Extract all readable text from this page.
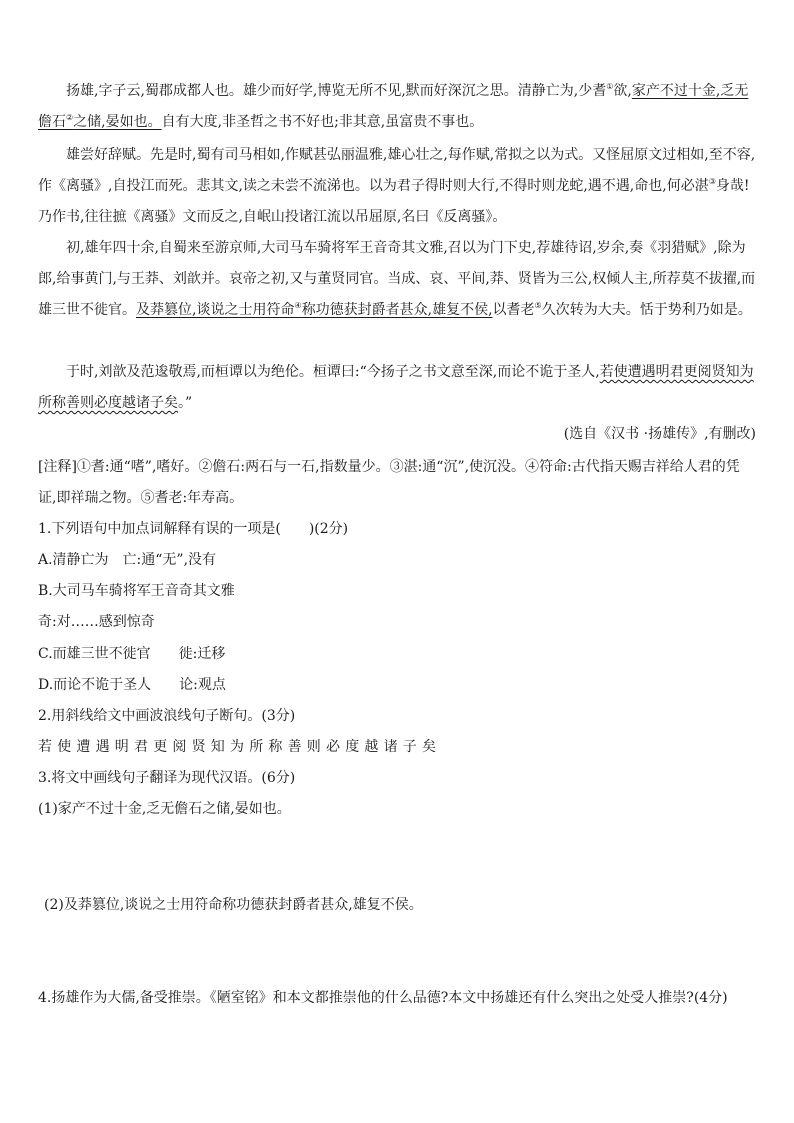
扬雄,字子云,蜀郡成都人也。雄少而好学,博览无所不见,默而好深沉之思。清静亡为,少耆①欲,家产不过十金,乏无儋石②之储,晏如也。自有大度,非圣哲之书不好也;非其意,虽富贵不事也。
雄尝好辞赋。先是时,蜀有司马相如,作赋甚弘丽温雅,雄心壮之,每作赋,常拟之以为式。又怪屈原文过相如,至不容,作《离骚》,自投江而死。悲其文,读之未尝不流涕也。以为君子得时则大行,不得时则龙蛇,遇不遇,命也,何必湛③身哉!乃作书,往往摭《离骚》文而反之,自岷山投诸江流以吊屈原,名曰《反离骚》。
初,雄年四十余,自蜀来至游京师,大司马车骑将军王音奇其文雅,召以为门下史,荐雄待诏,岁余,奏《羽猎赋》,除为郎,给事黄门,与王莽、刘歆并。哀帝之初,又与董贤同官。当成、哀、平间,莽、贤皆为三公,权倾人主,所荐莫不拔擢,而雄三世不徙官。及莽篡位,谈说之士用符命④称功德获封爵者甚众,雄复不侯,以耆老⑤久次转为大夫。恬于势利乃如是。
于时,刘歆及范逡敬焉,而桓谭以为绝伦。桓谭曰:“今扬子之书文意至深,而论不诡于圣人,若使遭遇明君更阅贤知为所称善则必度越诸子矣。”
(选自《汉书 ·扬雄传》,有删改)
[注释]①耆:通“嗜”,嗜好。②儋石:两石与一石,指数量少。③湛:通“沉”,使沉没。④符命:古代指天赐吉祥给人君的凭证,即祥瑞之物。⑤耆老:年寿高。
1.下列语句中加点词解释有误的一项是(　　)(2分)
A.清静亡为　亡:通“无”,没有
B.大司马车骑将军王音奇其文雅
奇:对……感到惊奇
C.而雄三世不徙官　　徙:迁移
D.而论不诡于圣人　　论:观点
2.用斜线给文中画波浪线句子断句。(3分)
若使遭遇明君更阅贤知为所称善则必度越诸子矣
3.将文中画线句子翻译为现代汉语。(6分)
(1)家产不过十金,乏无儋石之储,晏如也。
(2)及莽篡位,谈说之士用符命称功德获封爵者甚众,雄复不侯。
4.扬雄作为大儒,备受推崇。《陋室铭》和本文都推崇他的什么品德?本文中扬雄还有什么突出之处受人推崇?(4分)
